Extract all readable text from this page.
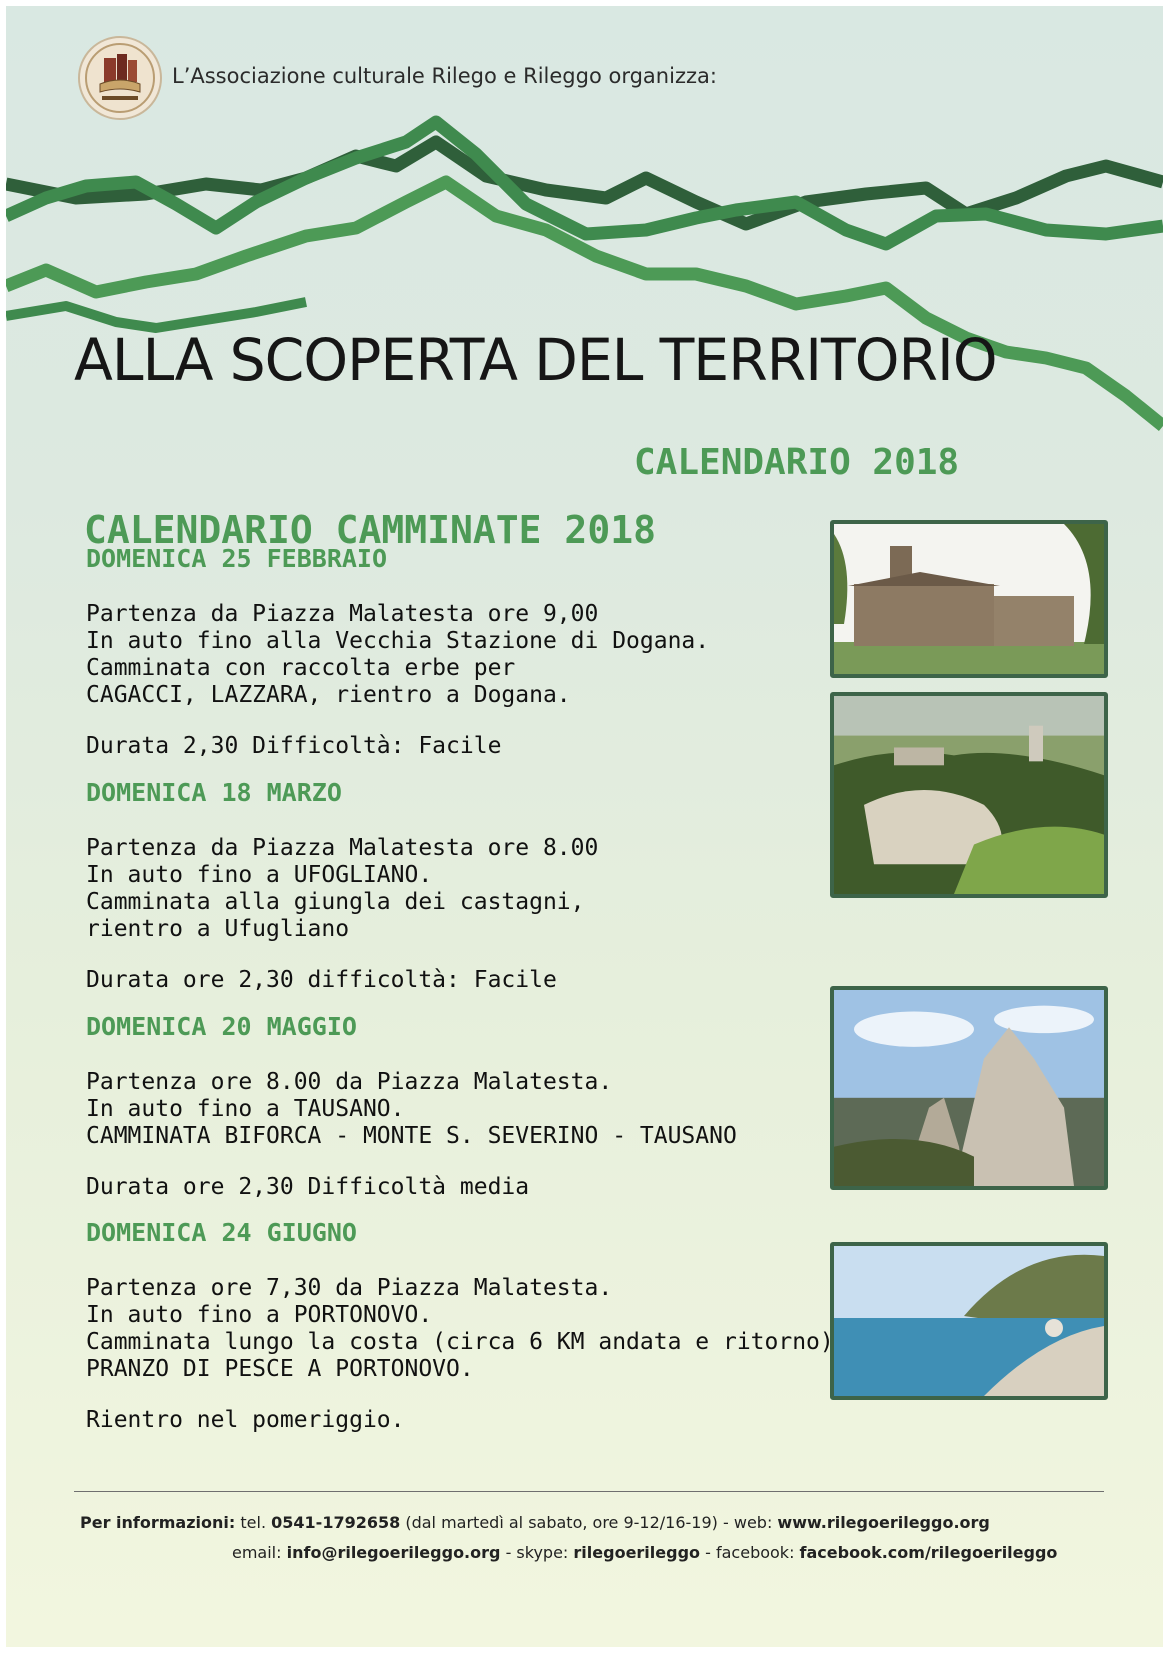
L’Associazione culturale Rilego e Rileggo organizza:
ALLA SCOPERTA DEL TERRITORIO
CALENDARIO 2018
CALENDARIO CAMMINATE 2018
DOMENICA 25 FEBBRAIO
Partenza da Piazza Malatesta ore 9,00
In auto fino alla Vecchia Stazione di Dogana.
Camminata con raccolta erbe per
CAGACCI, LAZZARA, rientro a Dogana.
Durata 2,30 Difficoltà: Facile
DOMENICA 18 MARZO
Partenza da Piazza Malatesta ore 8.00
In auto fino a UFOGLIANO.
Camminata alla giungla dei castagni,
rientro a Ufugliano
Durata ore 2,30 difficoltà: Facile
DOMENICA 20 MAGGIO
Partenza ore 8.00 da Piazza Malatesta.
In auto fino a TAUSANO.
CAMMINATA BIFORCA - MONTE S. SEVERINO - TAUSANO
Durata ore 2,30 Difficoltà media
DOMENICA 24 GIUGNO
Partenza ore 7,30 da Piazza Malatesta.
In auto fino a PORTONOVO.
Camminata lungo la costa (circa 6 KM andata e ritorno)
PRANZO DI PESCE A PORTONOVO.
Rientro nel pomeriggio.
Per informazioni: tel. 0541-1792658 (dal martedì al sabato, ore 9-12/16-19) - web: www.rilegoerileggo.org
email: info@rilegoerileggo.org - skype: rilegoerileggo - facebook: facebook.com/rilegoerileggo
